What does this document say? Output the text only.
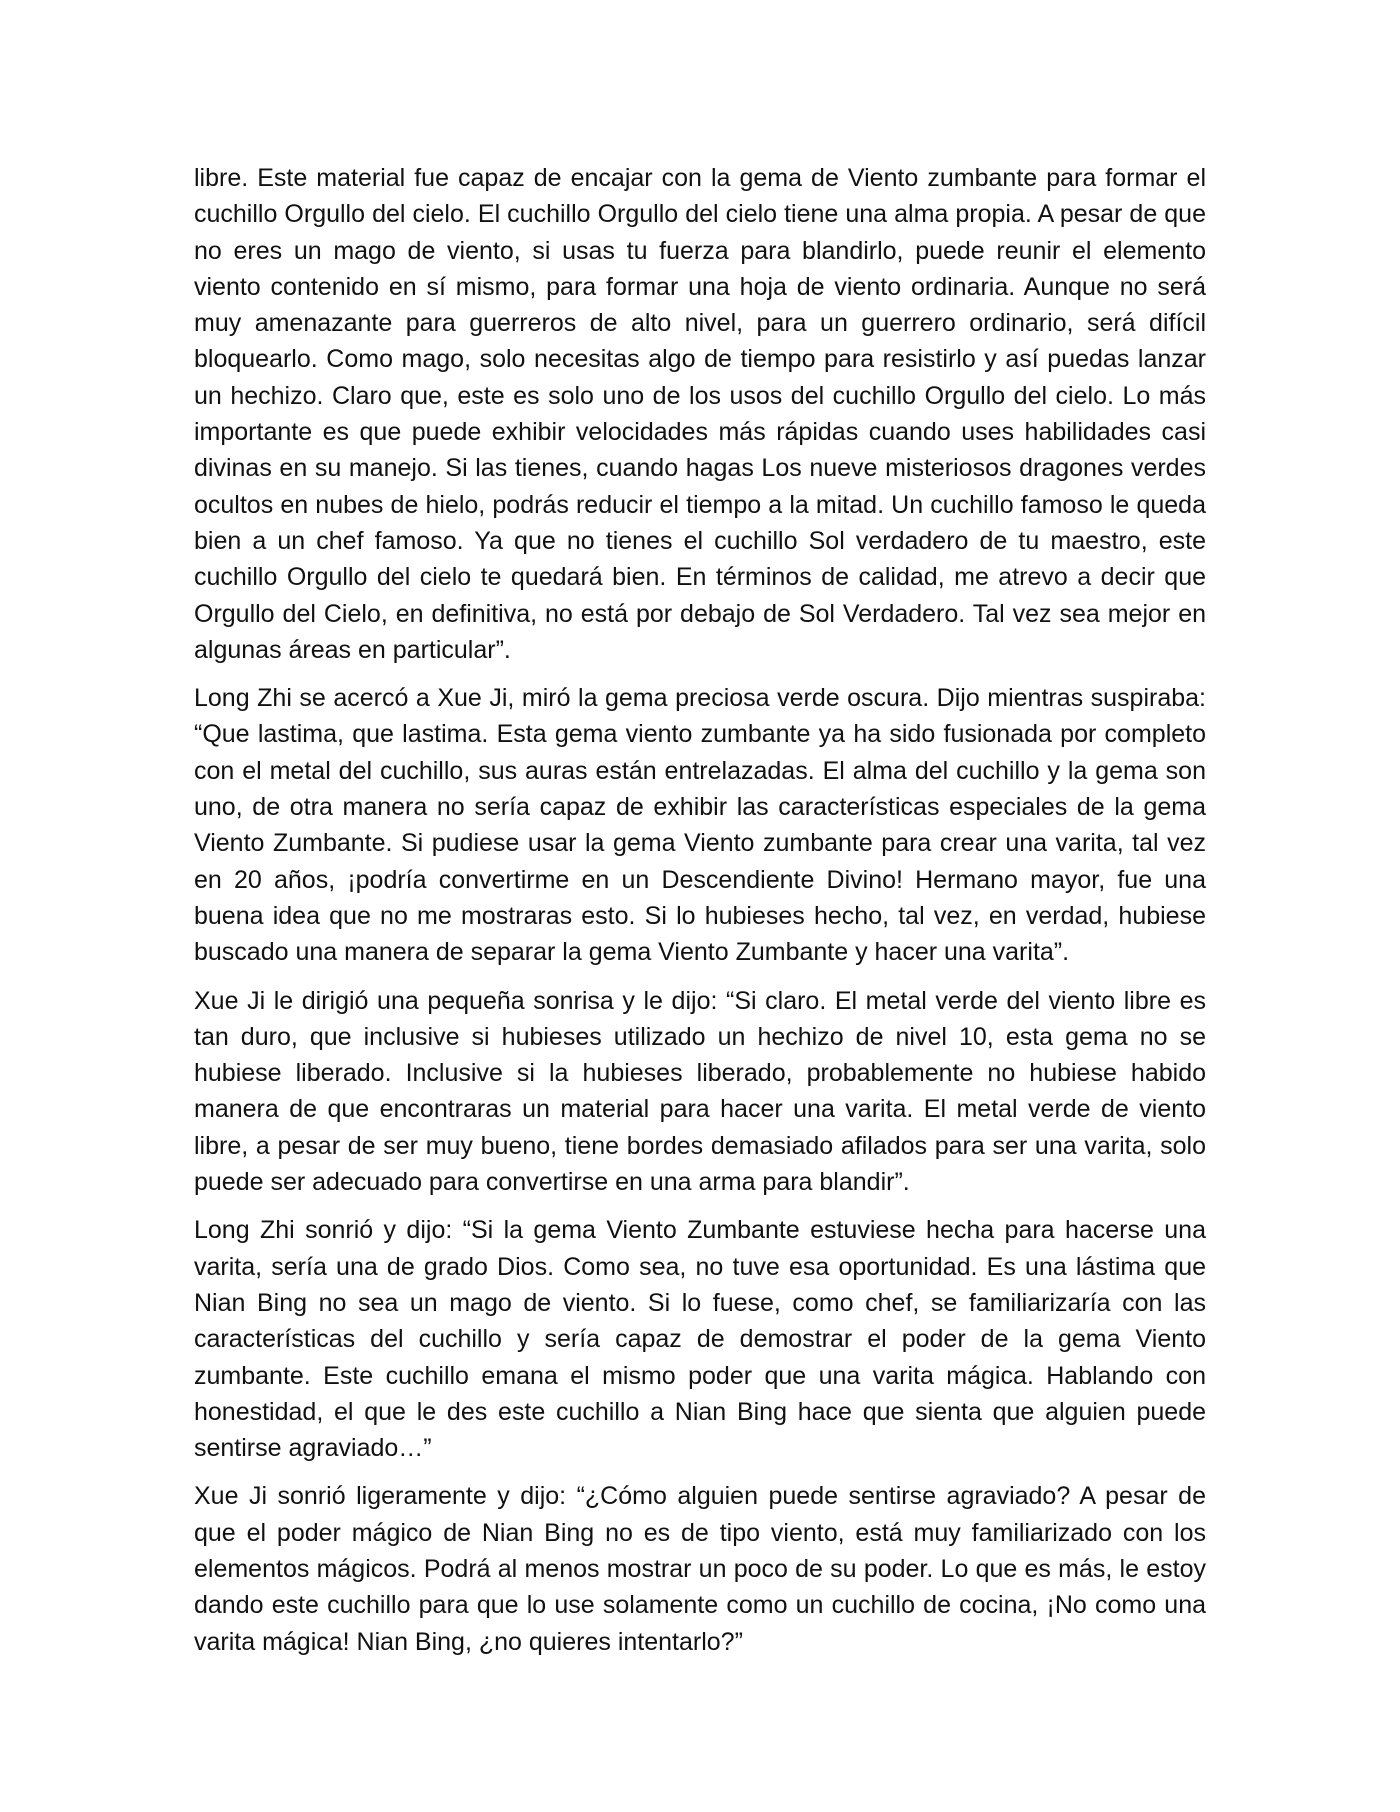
libre. Este material fue capaz de encajar con la gema de Viento zumbante para formar el cuchillo Orgullo del cielo. El cuchillo Orgullo del cielo tiene una alma propia. A pesar de que no eres un mago de viento, si usas tu fuerza para blandirlo, puede reunir el elemento viento contenido en sí mismo, para formar una hoja de viento ordinaria. Aunque no será muy amenazante para guerreros de alto nivel, para un guerrero ordinario, será difícil bloquearlo. Como mago, solo necesitas algo de tiempo para resistirlo y así puedas lanzar un hechizo. Claro que, este es solo uno de los usos del cuchillo Orgullo del cielo. Lo más importante es que puede exhibir velocidades más rápidas cuando uses habilidades casi divinas en su manejo. Si las tienes, cuando hagas Los nueve misteriosos dragones verdes ocultos en nubes de hielo, podrás reducir el tiempo a la mitad. Un cuchillo famoso le queda bien a un chef famoso. Ya que no tienes el cuchillo Sol verdadero de tu maestro, este cuchillo Orgullo del cielo te quedará bien. En términos de calidad, me atrevo a decir que Orgullo del Cielo, en definitiva, no está por debajo de Sol Verdadero. Tal vez sea mejor en algunas áreas en particular”.

Long Zhi se acercó a Xue Ji, miró la gema preciosa verde oscura. Dijo mientras suspiraba: “Que lastima, que lastima. Esta gema viento zumbante ya ha sido fusionada por completo con el metal del cuchillo, sus auras están entrelazadas. El alma del cuchillo y la gema son uno, de otra manera no sería capaz de exhibir las características especiales de la gema Viento Zumbante. Si pudiese usar la gema Viento zumbante para crear una varita, tal vez en 20 años, ¡podría convertirme en un Descendiente Divino! Hermano mayor, fue una buena idea que no me mostraras esto. Si lo hubieses hecho, tal vez, en verdad, hubiese buscado una manera de separar la gema Viento Zumbante y hacer una varita”.

Xue Ji le dirigió una pequeña sonrisa y le dijo: “Si claro. El metal verde del viento libre es tan duro, que inclusive si hubieses utilizado un hechizo de nivel 10, esta gema no se hubiese liberado. Inclusive si la hubieses liberado, probablemente no hubiese habido manera de que encontraras un material para hacer una varita. El metal verde de viento libre, a pesar de ser muy bueno, tiene bordes demasiado afilados para ser una varita, solo puede ser adecuado para convertirse en una arma para blandir”.

Long Zhi sonrió y dijo: “Si la gema Viento Zumbante estuviese hecha para hacerse una varita, sería una de grado Dios. Como sea, no tuve esa oportunidad. Es una lástima que Nian Bing no sea un mago de viento. Si lo fuese, como chef, se familiarizaría con las características del cuchillo y sería capaz de demostrar el poder de la gema Viento zumbante. Este cuchillo emana el mismo poder que una varita mágica. Hablando con honestidad, el que le des este cuchillo a Nian Bing hace que sienta que alguien puede sentirse agraviado…”

Xue Ji sonrió ligeramente y dijo: “¿Cómo alguien puede sentirse agraviado? A pesar de que el poder mágico de Nian Bing no es de tipo viento, está muy familiarizado con los elementos mágicos. Podrá al menos mostrar un poco de su poder. Lo que es más, le estoy dando este cuchillo para que lo use solamente como un cuchillo de cocina, ¡No como una varita mágica! Nian Bing, ¿no quieres intentarlo?”
